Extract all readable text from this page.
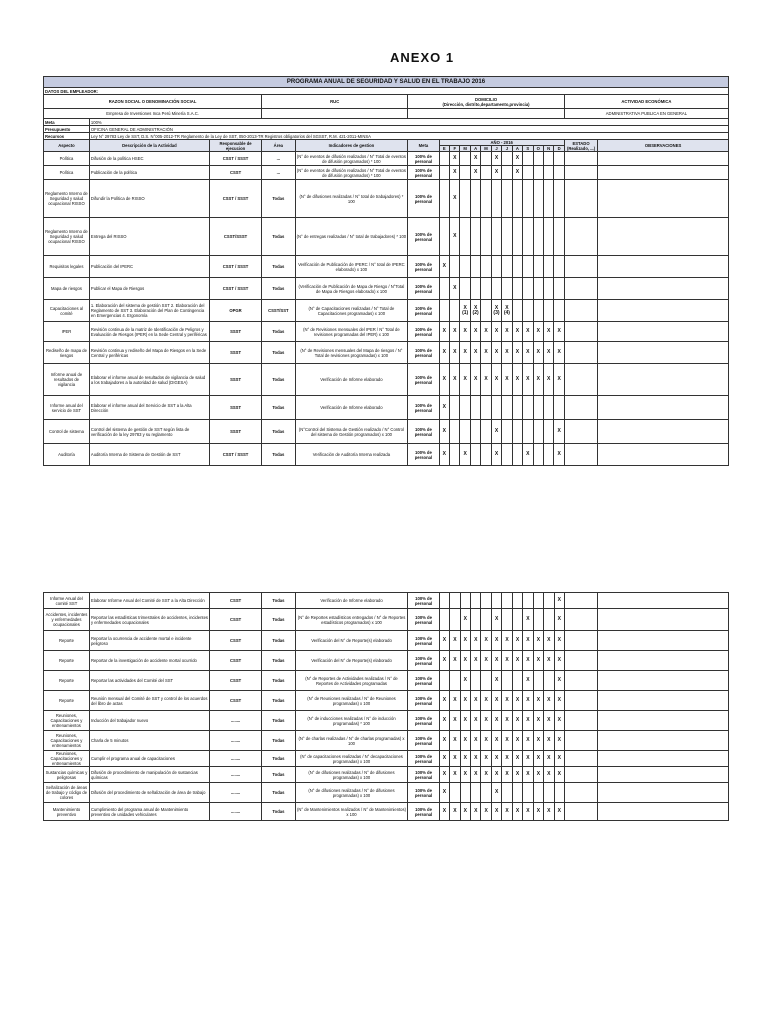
ANEXO 1
PROGRAMA ANUAL DE SEGURIDAD Y SALUD EN EL TRABAJO 2016																			
DATOS DEL EMPLEADOR:																			
RAZON SOCIAL O DENOMINACIÓN SOCIAL			RUC		DOMICILIO
(Dirección, distrito,departamento,provincia)													ACTIVIDAD ECONÓMICA	
Empresa de Inversiones Inca Perú Minería S.A.C.																		ADMINISTRATIVA PUBLICA EN GENERAL	
Meta	100%																		
Presupuesto	OFICINA GENERAL DE ADMINISTRACIÓN																		
Recursos	Ley N° 29783 Ley de SST, D.S. N°005-2012-TR Reglamento de la Ley de SST, 050-2013-TR Registros obligatorios del SGSST, R.M. 421-2011-MINSA																		
Aspecto	Descripción de la Actividad	Responsable de ejecucion	Área	Indicadores de gestion	Meta	AÑO - 2016												ESTADO (Realizado, ...)	OBSERVACIONES
						E	F	M	A	M	J	J	A	S	O	N	D		
Política	Difusión de la política HSEC	CSST / SSST	...	(N° de eventos de difusión realizados / N° Total de eventos de difusión programados) * 100	100% de personal		X		X		X		X						
Política	Publicación de la política	CSST	...	(N° de eventos de difusión realizados / N° Total de eventos de difusión programados) * 100	100% de personal		X		X		X		X						
Reglamento Interno de Seguridad y salud ocupacional RISSO	Difundir la Política de RISSO	CSST / SSST	Todas	(N° de difusiones realizadas / N° total de trabajadores) * 100	100% de personal		X												
Reglamento Interno de Seguridad y salud ocupacional RISSO	Entrega del RISSO	CSST/SSST	Todas	(N° de entregas realizadas / N° total de trabajadores) * 100	100% de personal		X												
Requisitos legales	Publicación del IPERC	CSST / SSST	Todas	Verificación de Publicación de IPERC / N° total de IPERC elaborado) x 100	100% de personal	X													
Mapa de riesgos	Publicar el Mapa de Riesgos	CSST / SSST	Todas	(Verificación de Publicación de Mapa de Riesgo / N°Total de Mapa de Riesgos elaborado) x 100	100% de personal		X												
Capacitaciones al comité	1. Elaboración del sistema de gestión SST 2. Elaboración del Reglamento de SST 3. Elaboración del Plan de Contingencia en Emergencias 4. Ergonomía	OPGR	CSST/SST	(N° de Capacitaciones realizadas / N° Total de Capacitaciones programadas) x 100	100% de personal			X (1)	X (2)		X (3)	X (4)							
IPER	Revisión continua de la matriz de Identificación de Peligros y Evaluación de Riesgos (IPER) en la Sede Central y periféricas	SSST	Todas	(N° de Revisiones mensuales del IPER / N° Total de revisiones programadas del IPER) x 100	100% de personal	X	X	X	X	X	X	X	X	X	X	X	X		
Rediseño de mapa de riesgos	Revisión continua y rediseño del Mapa de Riesgos en la Sede Central y periféricas	SSST	Todas	(N° de Revisiones mensuales del Mapa de riesgos / N° Total de revisiones programadas) x 100	100% de personal	X	X	X	X	X	X	X	X	X	X	X	X		
Informe anual de resultados de vigilancia	Elaborar el informe anual de resultados de vigilancia de salud a los trabajadores a la autoridad de salud (DIGESA)	SSST	Todas	Verificación de Informe elaborado	100% de personal	X	X	X	X	X	X	X	X	X	X	X	X		
Informe anual del servicio de SST	Elaborar el informe anual del Servicio de SST a la Alta Dirección	SSST	Todas	Verificación de Informe elaborado	100% de personal	X													
Control de sistema	Control del sistema de gestión de SST según lista de verificación de la ley 29783 y su reglamento	SSST	Todas	(N°Control del Sistema de Gestión realizado / N° Control del sistema de Gestión programados) x 100	100% de personal	X					X						X		
Auditoría	Auditoría Interna de Sistema de Gestión de SST	CSST / SSST	Todas	Verificación de Auditoría Interna realizada	100% de personal	X		X			X			X			X		
Informe Anual del comité SST	Elaborar Informe Anual del Comité de SST a la Alta Dirección	CSST	Todas	Verificación de Informe elaborado	100% de personal												X		
Accidentes, incidentes y enfermedades ocupacionales	Reportar las estadísticas trimestrales de accidentes, incidentes y enfermedades ocupacionales	CSST	Todas	(N° de Reportes estadísticos entregados / N° de Reportes estadísticos programados) x 100	100% de personal			X			X			X			X		
Reporte	Reportar la ocurrencia de accidente mortal e incidente peligroso	CSST	Todas	Verificación del N° de Reporte(s) elaborado	100% de personal	X	X	X	X	X	X	X	X	X	X	X	X		
Reporte	Reportar de la investigación de accidente mortal ocurrido	CSST	Todas	Verificación del N° de Reporte(s) elaborado	100% de personal	X	X	X	X	X	X	X	X	X	X	X	X		
Reporte	Reportar las actividades del Comité del SST	CSST	Todas	(N° de Reportes de Actividades realizadas / N° de Reportes de Actividades programadas	100% de personal			X			X			X			X		
Reporte	Reunión mensual del Comité de SST y control de los acuerdos del libro de actas	CSST	Todas	(N° de Reuniones realizadas / N° de Reuniones programadas) x 100	100% de personal	X	X	X	X	X	X	X	X	X	X	X	X		
Reuniones, Capacitaciones y entrenamientos	Inducción del trabajador nuevo	........	Todas	(N° de inducciones realizadas / N° de inducción programadas) * 100	100% de personal	X	X	X	X	X	X	X	X	X	X	X	X		
Reuniones, Capacitaciones y entrenamientos	Charla de 5 minutos	........	Todas	(N° de charlas realizadas / N° de charlas programadas) x 100	100% de personal	X	X	X	X	X	X	X	X	X	X	X	X		
Reuniones, Capacitaciones y entrenamientos	Cumplir el programa anual de capacitaciones	........	Todas	(N° de capacitaciones realizadas / N° decapacitaciones programadas) x 100	100% de personal	X	X	X	X	X	X	X	X	X	X	X	X		
Sustancias químicas y peligrosas	Difusión de procedimiento de manipulación de sustancias químicas	........	Todas	(N° de difusiones realizadas / N° de difusiones programadas) x 100	100% de personal	X	X	X	X	X	X	X	X	X	X	X	X		
Señalización de áreas de trabajo y código de colores	Difusión del procedimiento de señalización de área de trabajo	........	Todas	(N° de difusiones realizadas / N° de difusiones programadas) x 100	100% de personal	X					X								
Mantenimiento preventivo	Cumplimiento del programa anual de Mantenimiento preventivo de unidades vehiculares	........	Todas	(N° de Mantenimientos realizados / N° de Mantenimientos) x 100	100% de personal	X	X	X	X	X	X	X	X	X	X	X	X		
